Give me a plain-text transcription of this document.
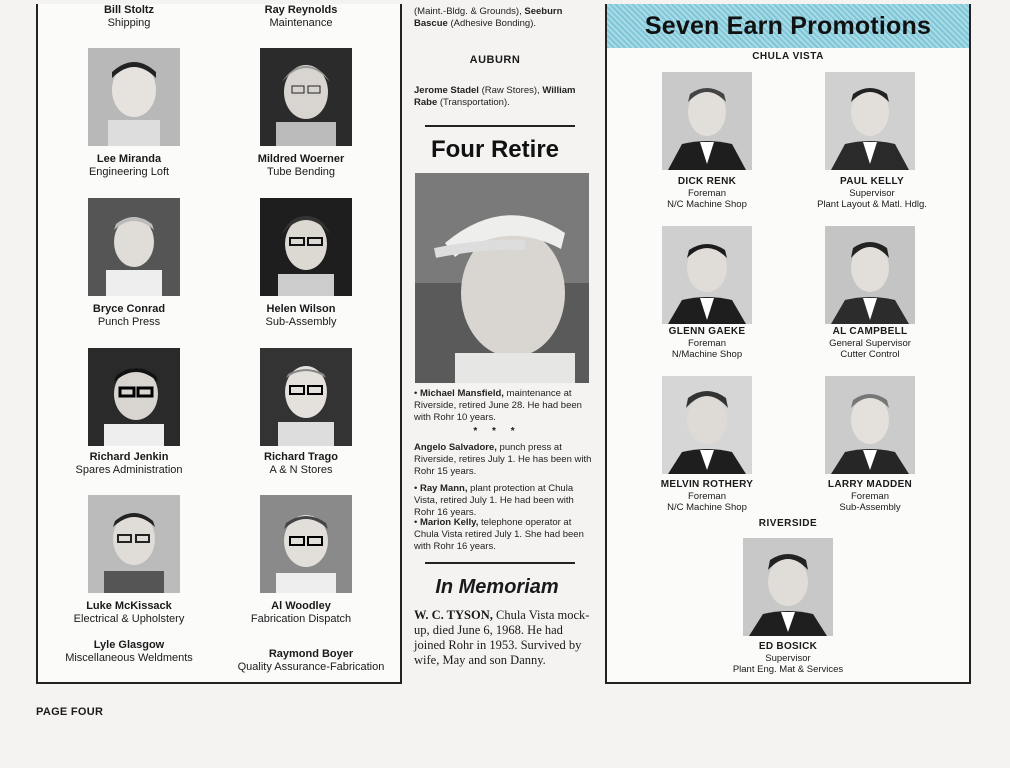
Bill Stoltz
Shipping
Ray Reynolds
Maintenance
Lee Miranda
Engineering Loft
Mildred Woerner
Tube Bending
Bryce Conrad
Punch Press
Helen Wilson
Sub-Assembly
Richard Jenkin
Spares Administration
Richard Trago
A & N Stores
Luke McKissack
Electrical & Upholstery
Al Woodley
Fabrication Dispatch
Lyle Glasgow
Miscellaneous Weldments	Raymond Boyer
Quality Assurance-Fabrication
(Maint.-Bldg. & Grounds), Seeburn Bascue (Adhesive Bonding).
AUBURN
Jerome Stadel (Raw Stores), William Rabe (Transportation).
Four Retire
• Michael Mansfield, maintenance at Riverside, retired June 28. He had been with Rohr 10 years.
* * *
Angelo Salvadore, punch press at Riverside, retires July 1. He has been with Rohr 15 years.
• Ray Mann, plant protection at Chula Vista, retired July 1. He had been with Rohr 16 years.
• Marion Kelly, telephone operator at Chula Vista retired July 1. She had been with Rohr 16 years.
In Memoriam
W. C. TYSON, Chula Vista mock-up, died June 6, 1968. He had joined Rohr in 1953. Survived by wife, May and son Danny.
Seven Earn Promotions
CHULA VISTA
DICK RENK
Foreman
N/C Machine Shop
PAUL KELLY
Supervisor
Plant Layout & Matl. Hdlg.
GLENN GAEKE
Foreman
N/Machine Shop
AL CAMPBELL
General Supervisor
Cutter Control
MELVIN ROTHERY
Foreman
N/C Machine Shop
LARRY MADDEN
Foreman
Sub-Assembly
RIVERSIDE
ED BOSICK
Supervisor
Plant Eng. Mat & Services
PAGE FOUR
